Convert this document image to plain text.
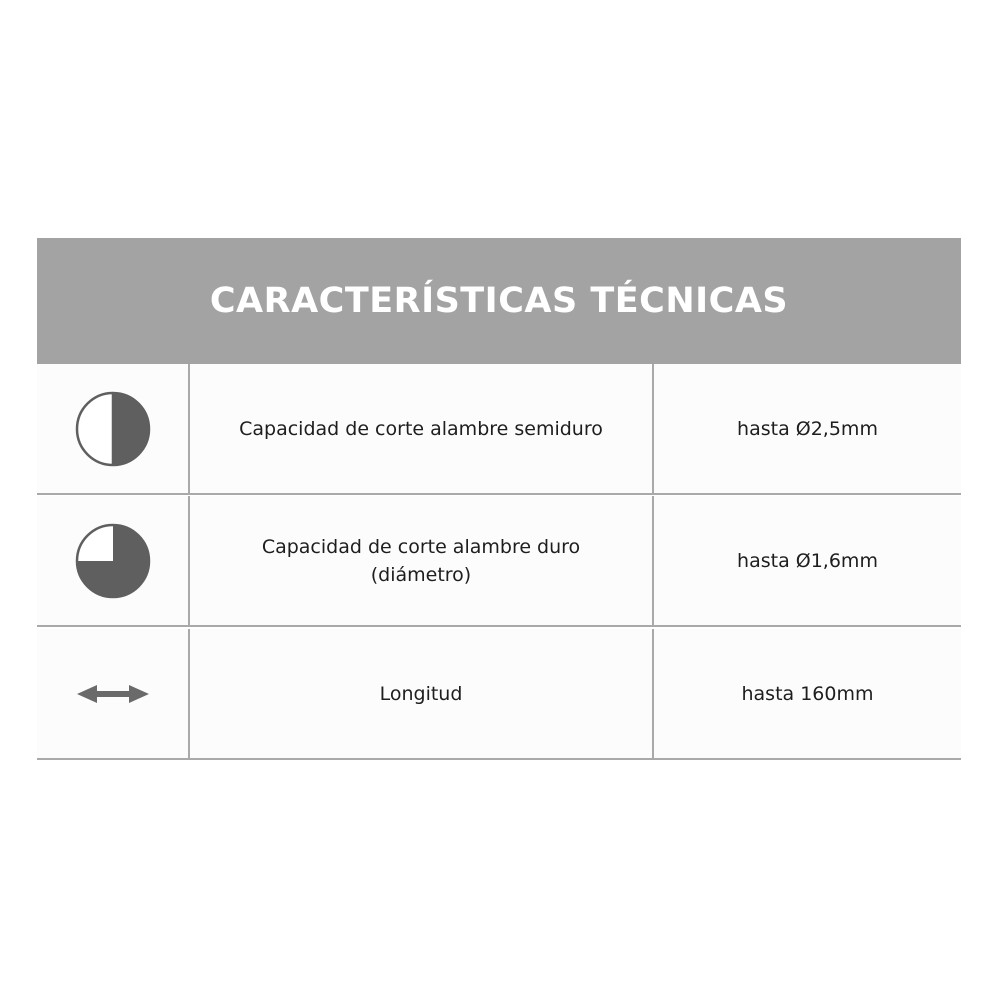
CARACTERÍSTICAS TÉCNICAS
Capacidad de corte alambre semiduro	hasta Ø2,5mm
Capacidad de corte alambre duro (diámetro)
hasta Ø1,6mm
Longitud	hasta 160mm
